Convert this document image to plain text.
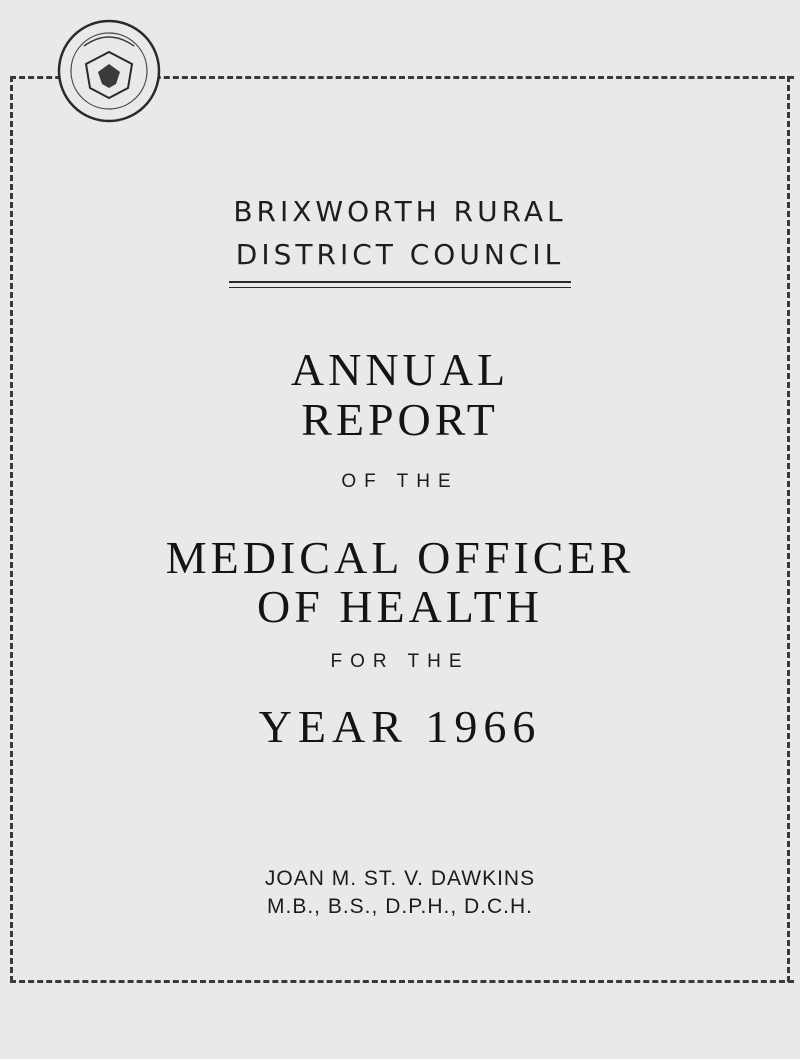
BRIXWORTH RURAL
DISTRICT COUNCIL
ANNUAL
REPORT
OF THE
MEDICAL OFFICER
OF HEALTH
FOR THE
YEAR 1966
JOAN M. ST. V. DAWKINS
M.B., B.S., D.P.H., D.C.H.
